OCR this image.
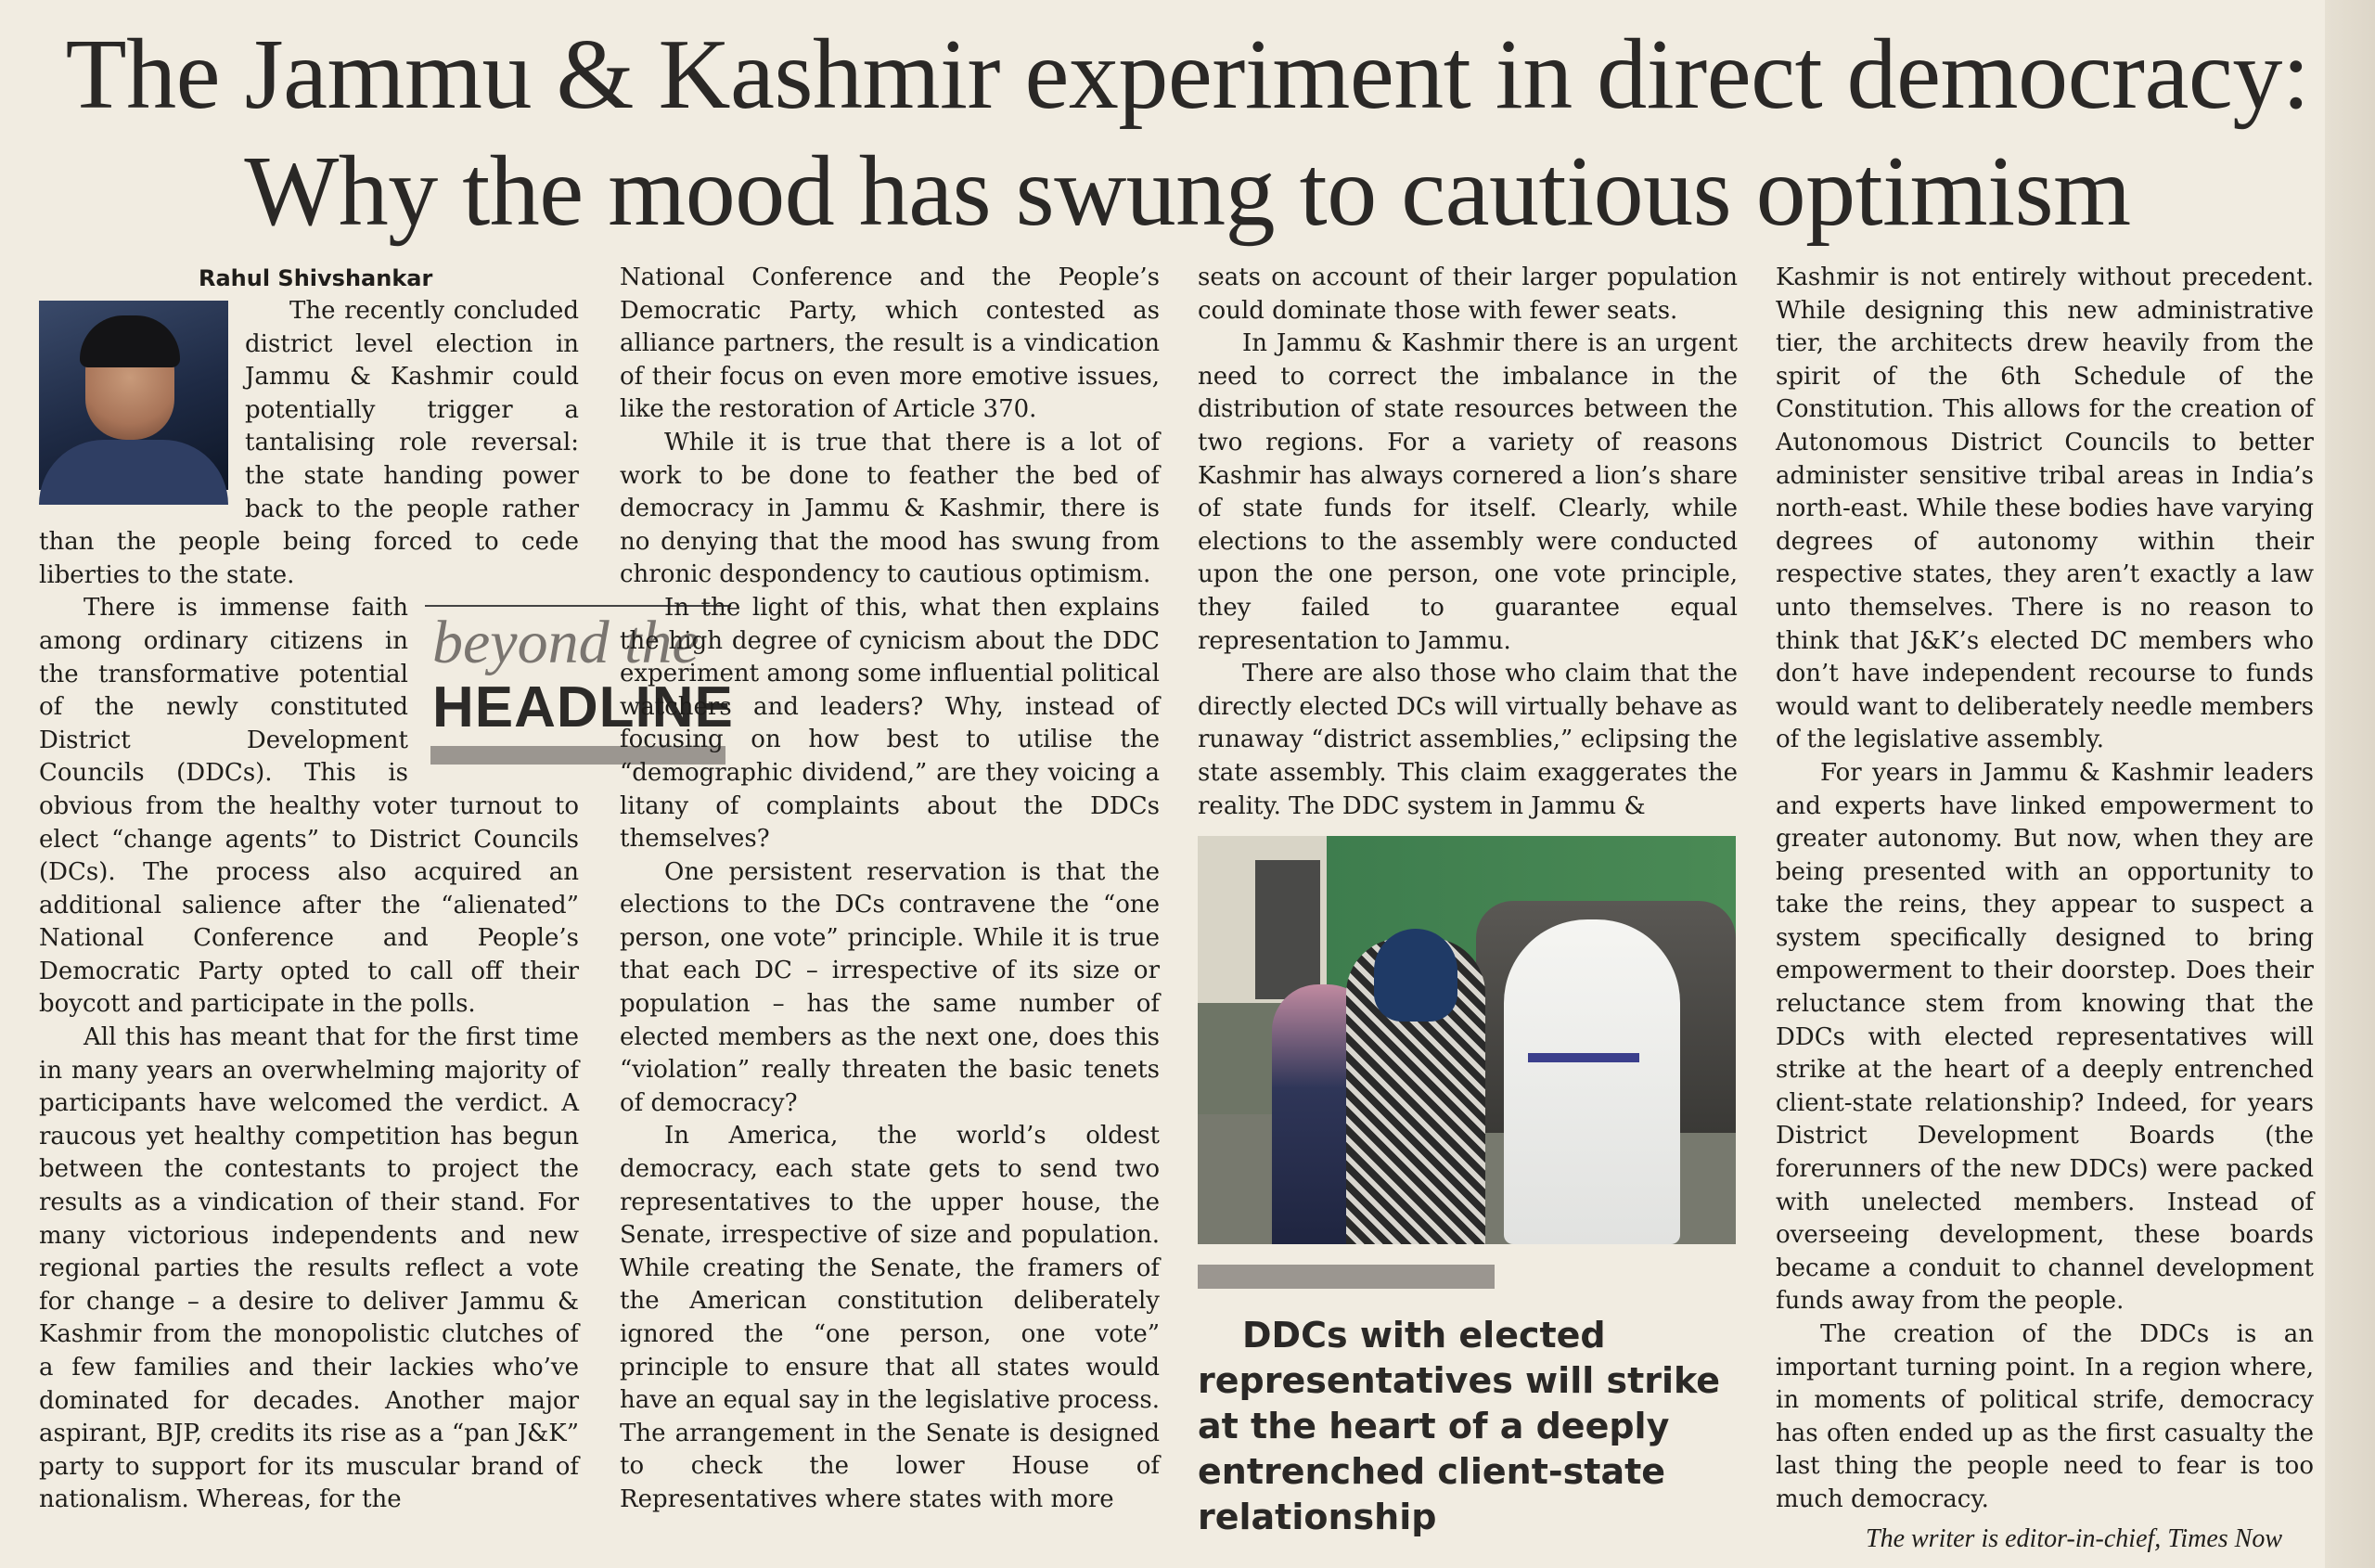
The Jammu & Kashmir experiment in direct democracy:
Why the mood has swung to cautious optimism
Rahul Shivshankar

The recently concluded district level election in Jammu & Kashmir could potentially trigger a tantalising role reversal: the state handing power back to the people rather than the people being forced to cede liberties to the state.

beyond the
HEADLINE
There is immense faith among ordinary citizens in the transformative potential of the newly constituted District Development Councils (DDCs). This is obvious from the healthy voter turnout to elect “change agents” to District Councils (DCs). The process also acquired an additional salience after the “alienated” National Conference and People’s Democratic Party opted to call off their boycott and participate in the polls.

All this has meant that for the first time in many years an overwhelming majority of participants have welcomed the verdict. A raucous yet healthy competition has begun between the contestants to project the results as a vindication of their stand. For many victorious independents and new regional parties the results reflect a vote for change – a desire to deliver Jammu & Kashmir from the monopolistic clutches of a few families and their lackies who’ve dominated for decades. Another major aspirant, BJP, credits its rise as a “pan J&K” party to support for its muscular brand of nationalism. Whereas, for the

National Conference and the People’s Democratic Party, which contested as alliance partners, the result is a vindication of their focus on even more emotive issues, like the restoration of Article 370.

While it is true that there is a lot of work to be done to feather the bed of democracy in Jammu & Kashmir, there is no denying that the mood has swung from chronic despondency to cautious optimism.

In the light of this, what then explains the high degree of cynicism about the DDC experiment among some influential political watchers and leaders? Why, instead of focusing on how best to utilise the “demographic dividend,” are they voicing a litany of complaints about the DDCs themselves?

One persistent reservation is that the elections to the DCs contravene the “one person, one vote” principle. While it is true that each DC – irrespective of its size or population – has the same number of elected members as the next one, does this “violation” really threaten the basic tenets of democracy?

In America, the world’s oldest democracy, each state gets to send two representatives to the upper house, the Senate, irrespective of size and population. While creating the Senate, the framers of the American constitution deliberately ignored the “one person, one vote” principle to ensure that all states would have an equal say in the legislative process. The arrangement in the Senate is designed to check the lower House of Representatives where states with more

seats on account of their larger population could dominate those with fewer seats.

In Jammu & Kashmir there is an urgent need to correct the imbalance in the distribution of state resources between the two regions. For a variety of reasons Kashmir has always cornered a lion’s share of state funds for itself. Clearly, while elections to the assembly were conducted upon the one person, one vote principle, they failed to guarantee equal representation to Jammu.

There are also those who claim that the directly elected DCs will virtually behave as runaway “district assemblies,” eclipsing the state assembly. This claim exaggerates the reality. The DDC system in Jammu &

DDCs with elected representatives will strike at the heart of a deeply entrenched client-state relationship

Kashmir is not entirely without precedent. While designing this new administrative tier, the architects drew heavily from the spirit of the 6th Schedule of the Constitution. This allows for the creation of Autonomous District Councils to better administer sensitive tribal areas in India’s north-east. While these bodies have varying degrees of autonomy within their respective states, they aren’t exactly a law unto themselves. There is no reason to think that J&K’s elected DC members who don’t have independent recourse to funds would want to deliberately needle members of the legislative assembly.

For years in Jammu & Kashmir leaders and experts have linked empowerment to greater autonomy. But now, when they are being presented with an opportunity to take the reins, they appear to suspect a system specifically designed to bring empowerment to their doorstep. Does their reluctance stem from knowing that the DDCs with elected representatives will strike at the heart of a deeply entrenched client-state relationship? Indeed, for years District Development Boards (the forerunners of the new DDCs) were packed with unelected members. Instead of overseeing development, these boards became a conduit to channel development funds away from the people.

The creation of the DDCs is an important turning point. In a region where, in moments of political strife, democracy has often ended up as the first casualty the last thing the people need to fear is too much democracy.

The writer is editor-in-chief, Times Now
